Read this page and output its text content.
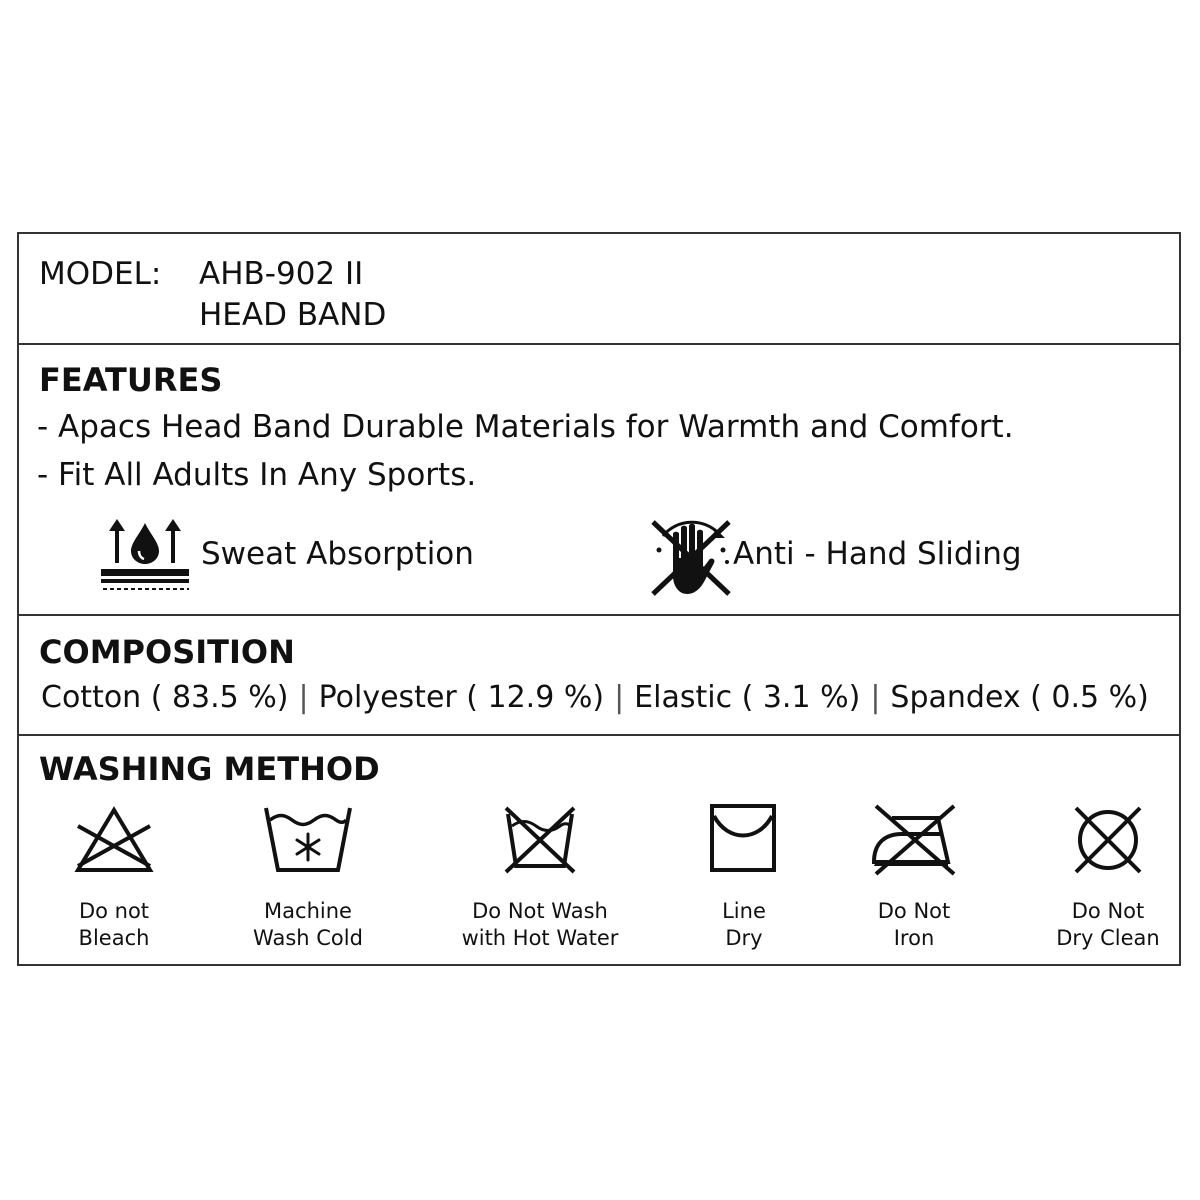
MODEL: AHB-902 II
HEAD BAND
FEATURES
- Apacs Head Band Durable Materials for Warmth and Comfort.
- Fit All Adults In Any Sports.
Sweat Absorption	Anti - Hand Sliding
COMPOSITION
Cotton ( 83.5 %) | Polyester ( 12.9 %) | Elastic ( 3.1 %) | Spandex ( 0.5 %)
WASHING METHOD
Do not
Bleach
Machine
Wash Cold
Do Not Wash
with Hot Water
Line
Dry
Do Not
Iron
Do Not
Dry Clean
